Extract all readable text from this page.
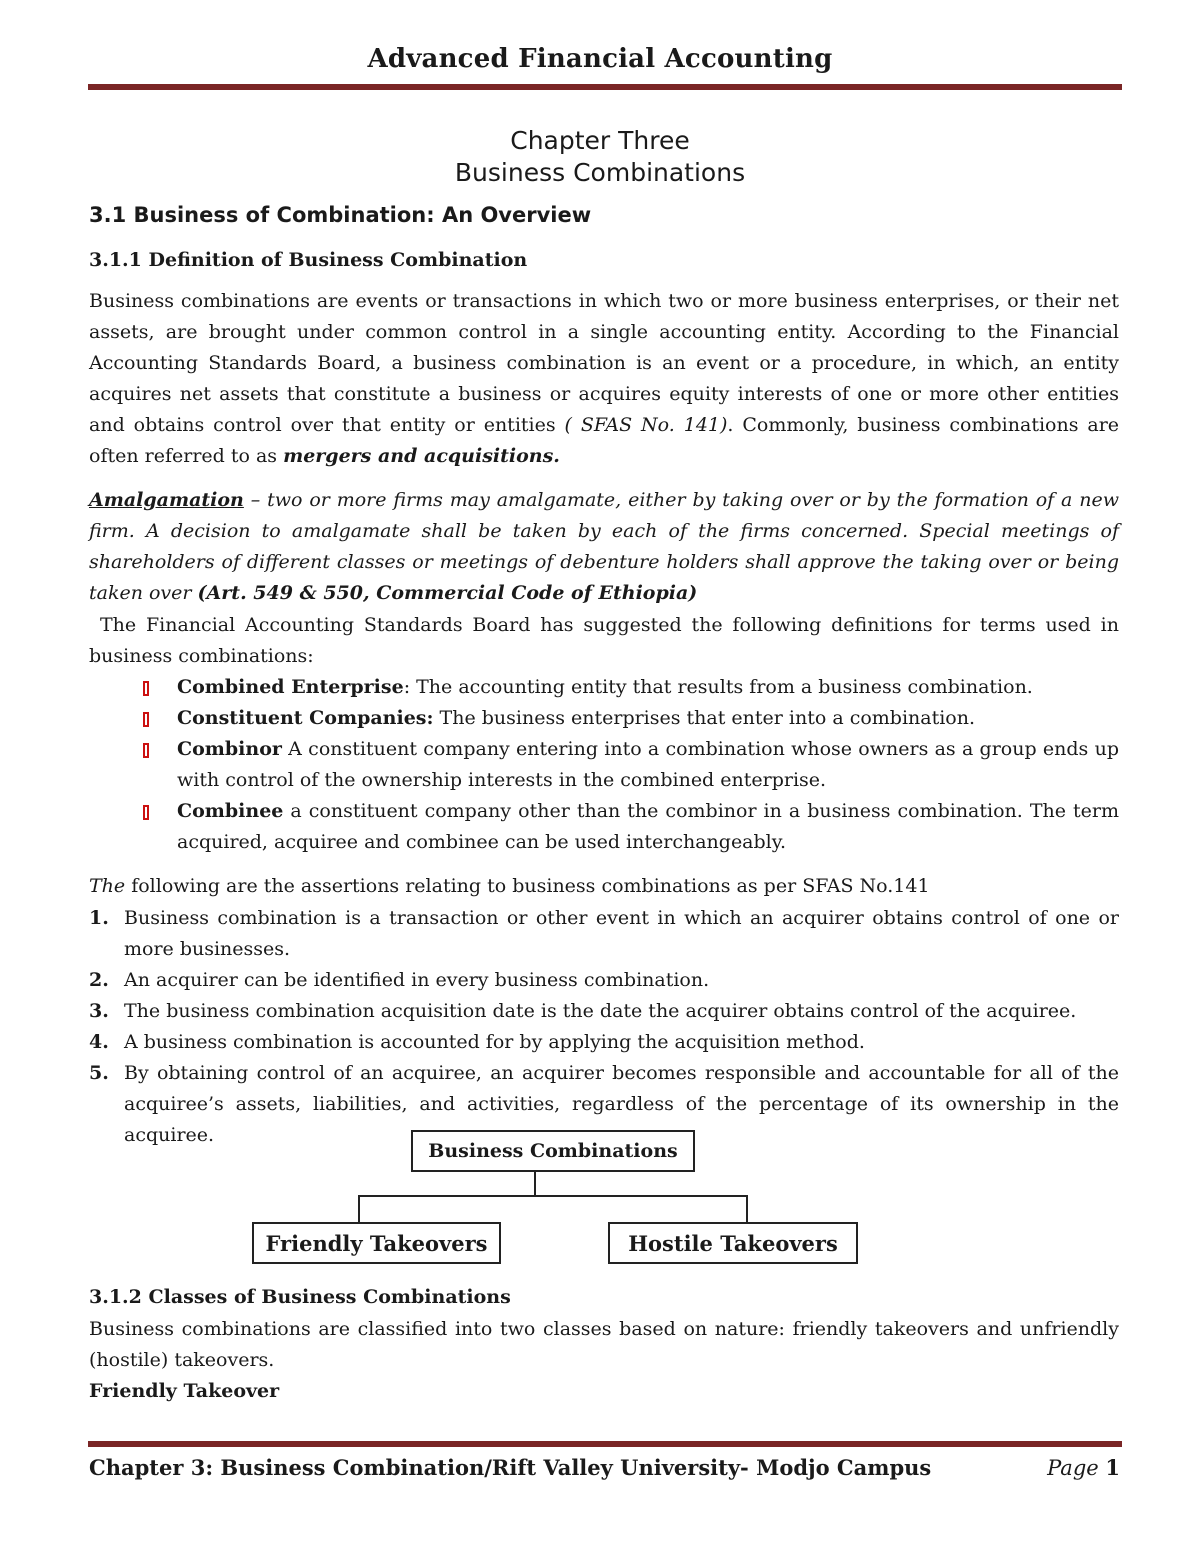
Advanced Financial Accounting
Chapter Three
Business Combinations
3.1 Business of Combination: An Overview
3.1.1 Definition of Business Combination
Business combinations are events or transactions in which two or more business enterprises, or their net assets, are brought under common control in a single accounting entity. According to the Financial Accounting Standards Board, a business combination is an event or a procedure, in which, an entity acquires net assets that constitute a business or acquires equity interests of one or more other entities and obtains control over that entity or entities ( SFAS No. 141). Commonly, business combinations are often referred to as mergers and acquisitions.
Amalgamation – two or more firms may amalgamate, either by taking over or by the formation of a new firm. A decision to amalgamate shall be taken by each of the firms concerned. Special meetings of shareholders of different classes or meetings of debenture holders shall approve the taking over or being taken over (Art. 549 & 550, Commercial Code of Ethiopia)
The Financial Accounting Standards Board has suggested the following definitions for terms used in business combinations:
Combined Enterprise: The accounting entity that results from a business combination.
Constituent Companies: The business enterprises that enter into a combination.
Combinor A constituent company entering into a combination whose owners as a group ends up with control of the ownership interests in the combined enterprise.
Combinee a constituent company other than the combinor in a business combination. The term acquired, acquiree and combinee can be used interchangeably.
The following are the assertions relating to business combinations as per SFAS No.141
1. Business combination is a transaction or other event in which an acquirer obtains control of one or more businesses.
2. An acquirer can be identified in every business combination.
3. The business combination acquisition date is the date the acquirer obtains control of the acquiree.
4. A business combination is accounted for by applying the acquisition method.
5. By obtaining control of an acquiree, an acquirer becomes responsible and accountable for all of the acquiree’s assets, liabilities, and activities, regardless of the percentage of its ownership in the acquiree.
Business Combinations
Friendly Takeovers	Hostile Takeovers
3.1.2 Classes of Business Combinations
Business combinations are classified into two classes based on nature: friendly takeovers and unfriendly (hostile) takeovers.
Friendly Takeover
Chapter 3: Business Combination/Rift Valley University- Modjo Campus	Page 1
